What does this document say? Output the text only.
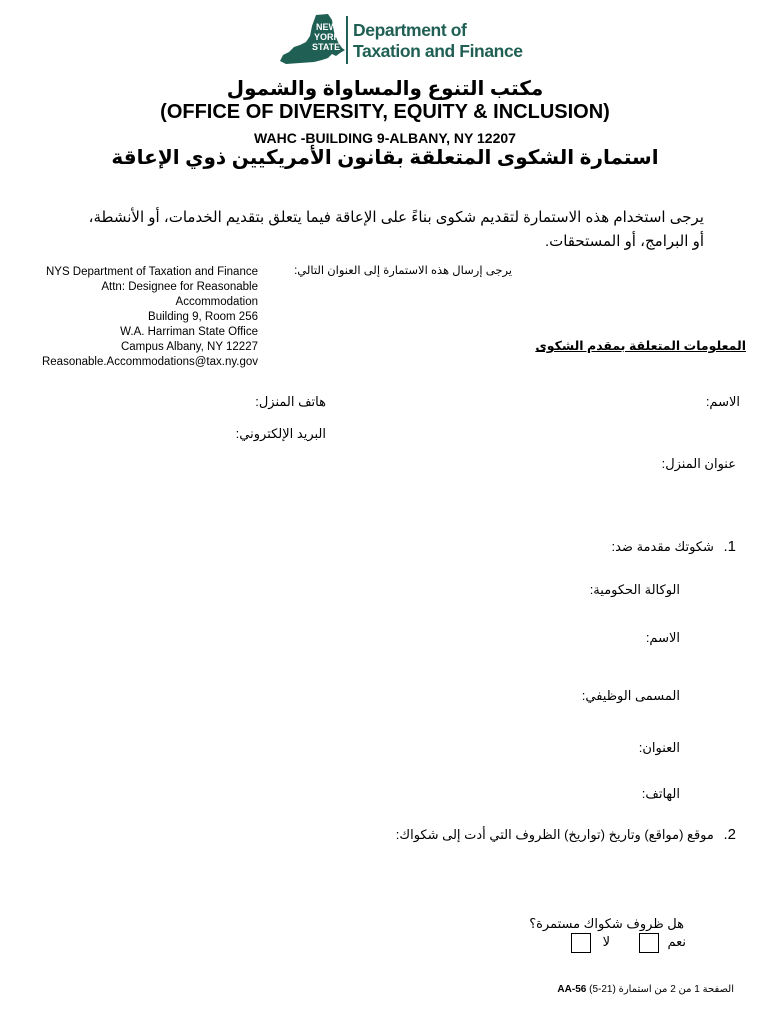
NEW
YORK
STATE
Department of
Taxation and Finance
مكتب التنوع والمساواة والشمول
(OFFICE OF DIVERSITY, EQUITY & INCLUSION)
WAHC -BUILDING 9-ALBANY, NY 12207
استمارة الشكوى المتعلقة بقانون الأمريكيين ذوي الإعاقة
يرجى استخدام هذه الاستمارة لتقديم شكوى بناءً على الإعاقة فيما يتعلق بتقديم الخدمات، أو الأنشطة، أو البرامج، أو المستحقات.
يرجى إرسال هذه الاستمارة إلى العنوان التالي:
NYS Department of Taxation and Finance
Attn: Designee for Reasonable
Accommodation
Building 9, Room 256
W.A. Harriman State Office
Campus Albany, NY 12227
Reasonable.Accommodations@tax.ny.gov
المعلومات المتعلقة بمقدم الشكوى
الاسم:
هاتف المنزل:
البريد الإلكتروني:
عنوان المنزل:
1. شكوتك مقدمة ضد:
الوكالة الحكومية:
الاسم:
المسمى الوظيفي:
العنوان:
الهاتف:
2. موقع (مواقع) وتاريخ (تواريخ) الظروف التي أدت إلى شكواك:
هل ظروف شكواك مستمرة؟
نعم
لا
الصفحة 1 من 2 من استمارة AA-56 (5-21)
